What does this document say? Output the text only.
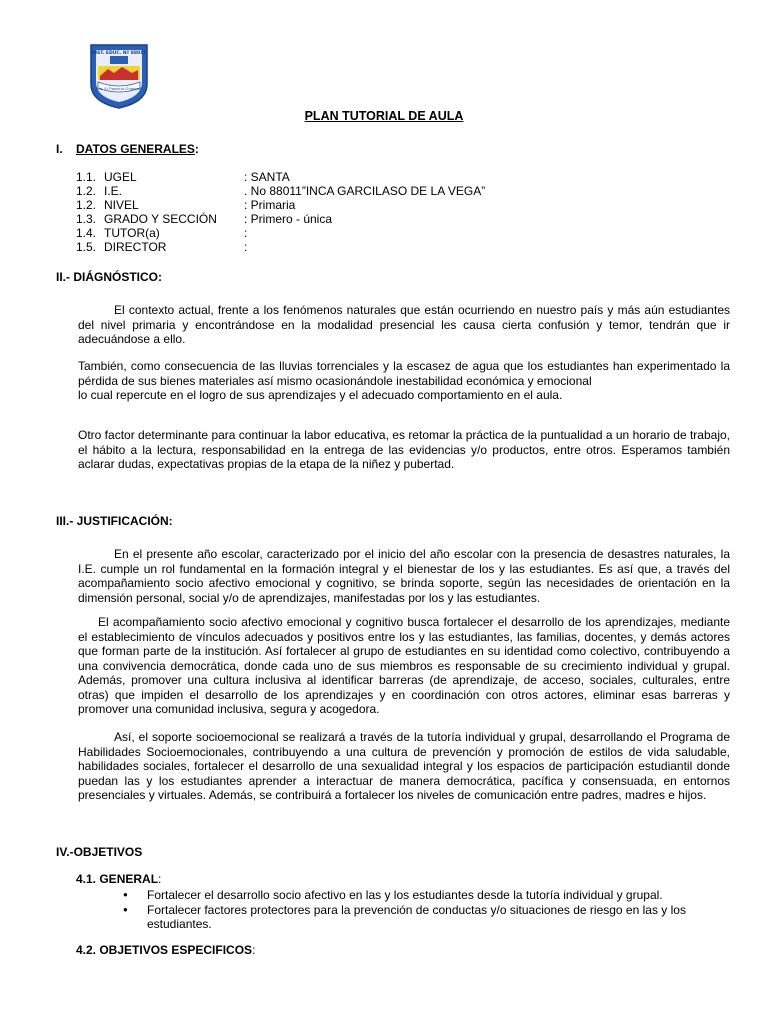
INST. EDUC. Nº 88011
Urb. El Trapecio Chimbote
PLAN TUTORIAL DE AULA
I. DATOS GENERALES:
1.1. UGEL	: SANTA
1.2. I.E.	. No 88011”INCA GARCILASO DE LA VEGA”
1.2. NIVEL	: Primaria
1.3. GRADO Y SECCIÓN : Primero - única
1.4. TUTOR(a)	:
1.5. DIRECTOR	:
II.- DIÁGNÓSTICO:

El contexto actual, frente a los fenómenos naturales que están ocurriendo en nuestro país y más aún estudiantes del nivel primaria y encontrándose en la modalidad presencial les causa cierta confusión y temor, tendrán que ir adecuándose a ello.

También, como consecuencia de las lluvias torrenciales y la escasez de agua que los estudiantes han experimentado la pérdida de sus bienes materiales así mismo ocasionándole inestabilidad económica y emocional

lo cual repercute en el logro de sus aprendizajes y el adecuado comportamiento en el aula.

Otro factor determinante para continuar la labor educativa, es retomar la práctica de la puntualidad a un horario de trabajo, el hábito a la lectura, responsabilidad en la entrega de las evidencias y/o productos, entre otros. Esperamos también aclarar dudas, expectativas propias de la etapa de la niñez y pubertad.

III.- JUSTIFICACIÓN:

En el presente año escolar, caracterizado por el inicio del año escolar con la presencia de desastres naturales, la I.E. cumple un rol fundamental en la formación integral y el bienestar de los y las estudiantes. Es así que, a través del acompañamiento socio afectivo emocional y cognitivo, se brinda soporte, según las necesidades de orientación en la dimensión personal, social y/o de aprendizajes, manifestadas por los y las estudiantes.

El acompañamiento socio afectivo emocional y cognitivo busca fortalecer el desarrollo de los aprendizajes, mediante el establecimiento de vínculos adecuados y positivos entre los y las estudiantes, las familias, docentes, y demás actores que forman parte de la institución. Así fortalecer al grupo de estudiantes en su identidad como colectivo, contribuyendo a una convivencia democrática, donde cada uno de sus miembros es responsable de su crecimiento individual y grupal. Además, promover una cultura inclusiva al identificar barreras (de aprendizaje, de acceso, sociales, culturales, entre otras) que impiden el desarrollo de los aprendizajes y en coordinación con otros actores, eliminar esas barreras y promover una comunidad inclusiva, segura y acogedora.

Así, el soporte socioemocional se realizará a través de la tutoría individual y grupal, desarrollando el Programa de Habilidades Socioemocionales, contribuyendo a una cultura de prevención y promoción de estilos de vida saludable, habilidades sociales, fortalecer el desarrollo de una sexualidad integral y los espacios de participación estudiantil donde puedan las y los estudiantes aprender a interactuar de manera democrática, pacífica y consensuada, en entornos presenciales y virtuales. Además, se contribuirá a fortalecer los niveles de comunicación entre padres, madres e hijos.

IV.-OBJETIVOS
4.1. GENERAL:
● Fortalecer el desarrollo socio afectivo en las y los estudiantes desde la tutoría individual y grupal.
● Fortalecer factores protectores para la prevención de conductas y/o situaciones de riesgo en las y los estudiantes.
4.2. OBJETIVOS ESPECIFICOS:
